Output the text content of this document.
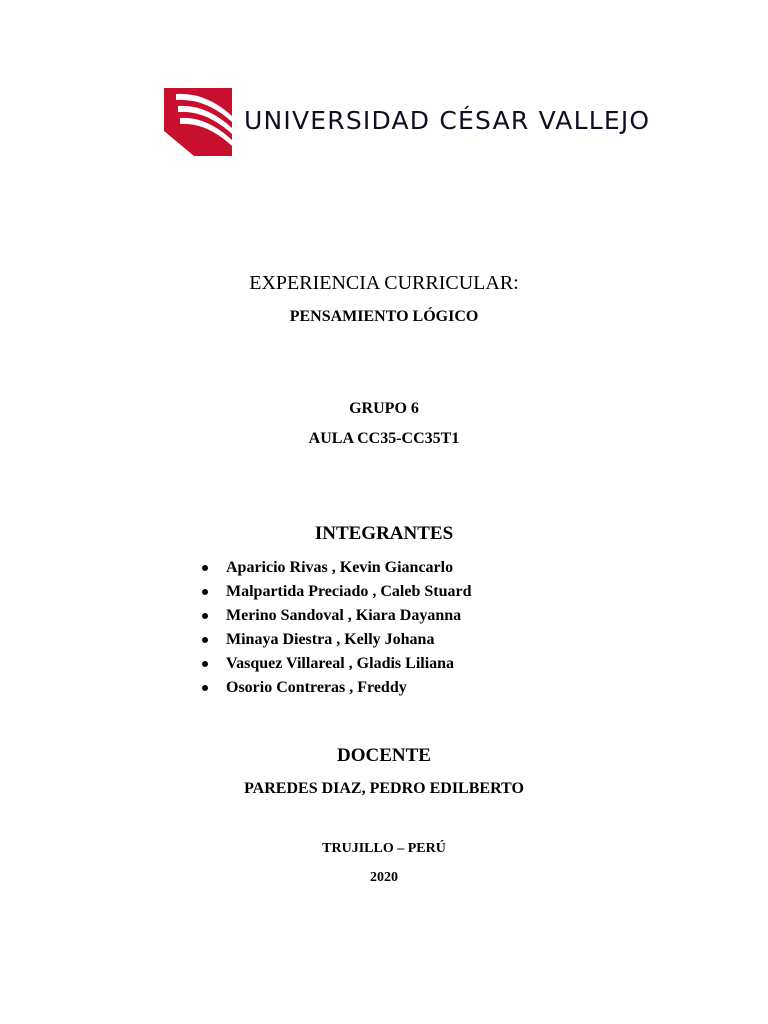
UNIVERSIDAD CÉSAR VALLEJO
EXPERIENCIA CURRICULAR:
PENSAMIENTO LÓGICO
GRUPO 6
AULA CC35-CC35T1
INTEGRANTES
Aparicio Rivas , Kevin Giancarlo
Malpartida Preciado , Caleb Stuard
Merino Sandoval , Kiara Dayanna
Minaya Diestra , Kelly Johana
Vasquez Villareal , Gladis Liliana
Osorio Contreras , Freddy
DOCENTE
PAREDES DIAZ, PEDRO EDILBERTO
TRUJILLO – PERÚ
2020
